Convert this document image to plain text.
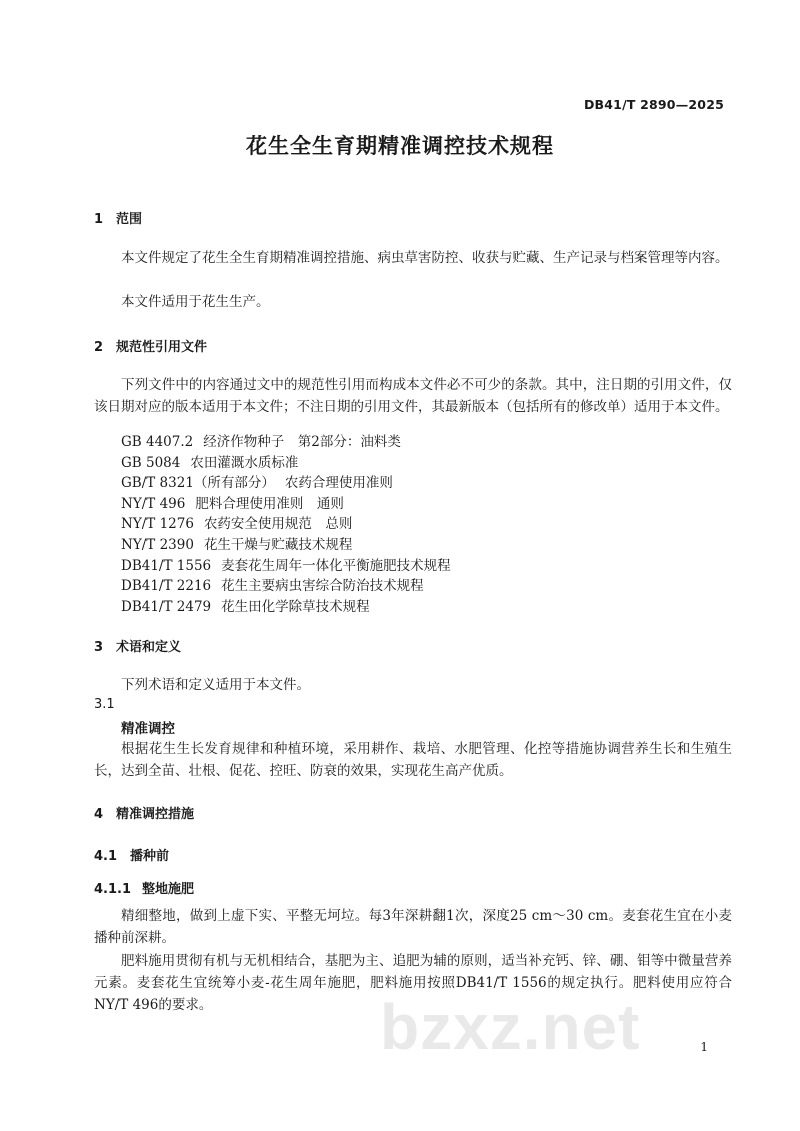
DB41/T 2890—2025
花生全生育期精准调控技术规程
1 范围
本文件规定了花生全生育期精准调控措施、病虫草害防控、收获与贮藏、生产记录与档案管理等内容。
本文件适用于花生生产。
2 规范性引用文件
下列文件中的内容通过文中的规范性引用而构成本文件必不可少的条款。其中，注日期的引用文件，仅该日期对应的版本适用于本文件；不注日期的引用文件，其最新版本（包括所有的修改单）适用于本文件。
GB 4407.2 经济作物种子　第2部分：油料类
GB 5084 农田灌溉水质标准
GB/T 8321（所有部分） 农药合理使用准则
NY/T 496 肥料合理使用准则　通则
NY/T 1276 农药安全使用规范　总则
NY/T 2390 花生干燥与贮藏技术规程
DB41/T 1556 麦套花生周年一体化平衡施肥技术规程
DB41/T 2216 花生主要病虫害综合防治技术规程
DB41/T 2479 花生田化学除草技术规程
3 术语和定义
下列术语和定义适用于本文件。
3.1
精准调控
根据花生生长发育规律和种植环境，采用耕作、栽培、水肥管理、化控等措施协调营养生长和生殖生长，达到全苗、壮根、促花、控旺、防衰的效果，实现花生高产优质。
4 精准调控措施
4.1 播种前
4.1.1 整地施肥
精细整地，做到上虚下实、平整无坷垃。每3年深耕翻1次，深度25 cm～30 cm。麦套花生宜在小麦播种前深耕。
肥料施用贯彻有机与无机相结合，基肥为主、追肥为辅的原则，适当补充钙、锌、硼、钼等中微量营养元素。麦套花生宜统筹小麦-花生周年施肥，肥料施用按照DB41/T 1556的规定执行。肥料使用应符合NY/T 496的要求。	bzxz.net	1
